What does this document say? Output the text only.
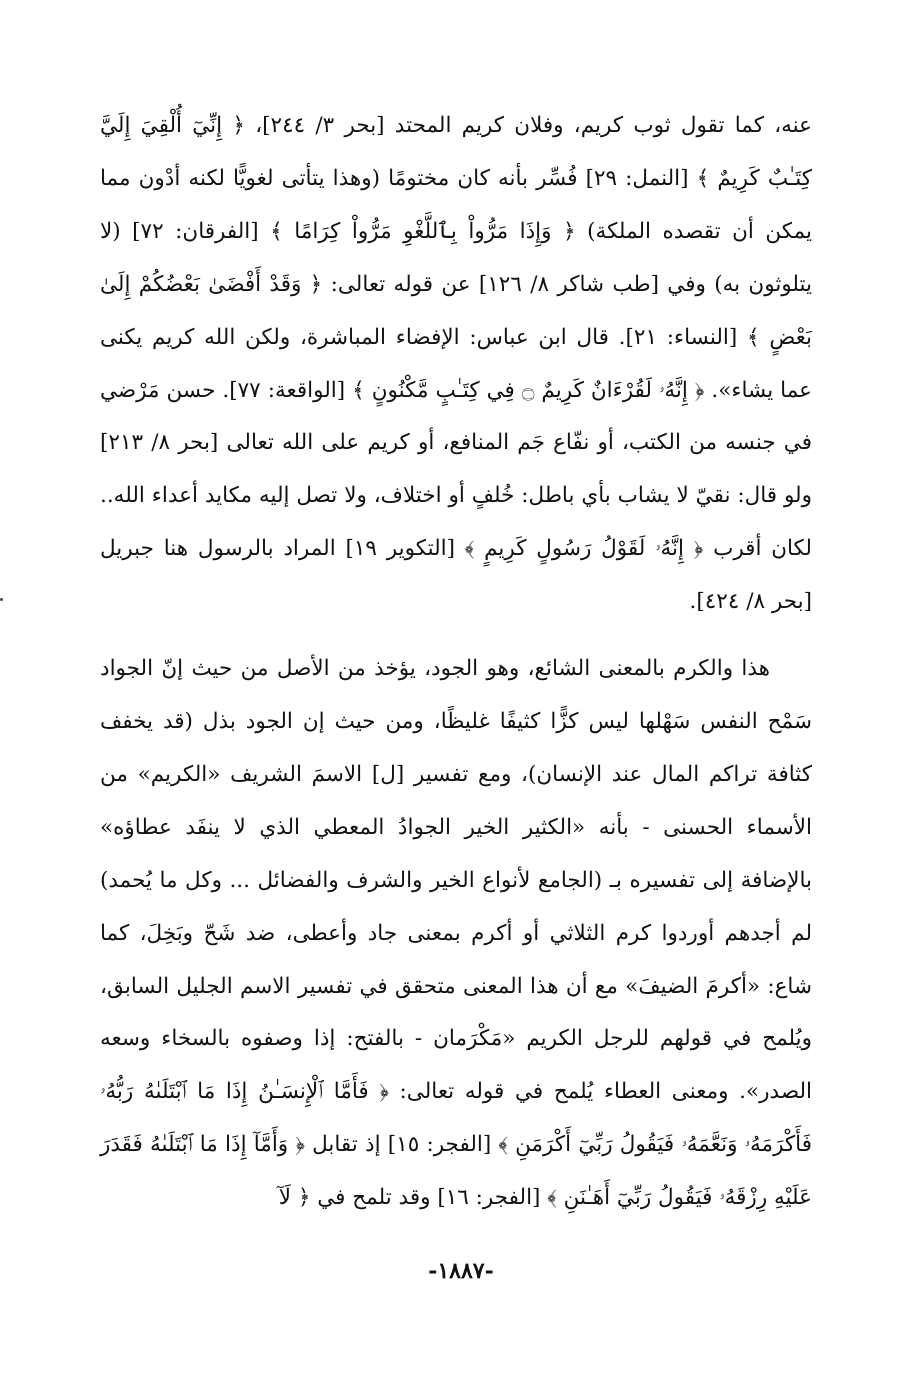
عنه، كما تقول ثوب كريم، وفلان كريم المحتد [بحر ٣/ ٢٤٤]، ﴿ إِنِّيٓ أُلْقِيَ إِلَيَّ كِتَـٰبٌ كَرِيمٌ ﴾ [النمل: ٢٩] فُسِّر بأنه كان مختومًا (وهذا يتأتى لغويًّا لكنه أدْون مما يمكن أن تقصده الملكة) ﴿ وَإِذَا مَرُّواْ بِٱللَّغْوِ مَرُّواْ كِرَامًا ﴾ [الفرقان: ٧٢] (لا يتلوثون به) وفي [طب شاكر ٨/ ١٢٦] عن قوله تعالى: ﴿ وَقَدْ أَفْضَىٰ بَعْضُكُمْ إِلَىٰ بَعْضٍ ﴾ [النساء: ٢١]. قال ابن عباس: الإفضاء المباشرة، ولكن الله كريم يكنى عما يشاء». ﴿ إِنَّهُۥ لَقُرْءَانٌ كَرِيمٌ ۝ فِي كِتَـٰبٍ مَّكْنُونٍ ﴾ [الواقعة: ٧٧]. حسن مَرْضي في جنسه من الكتب، أو نفّاع جَم المنافع، أو كريم على الله تعالى [بحر ٨/ ٢١٣] ولو قال: نقيّ لا يشاب بأي باطل: خُلفٍ أو اختلاف، ولا تصل إليه مكايد أعداء الله.. لكان أقرب ﴿ إِنَّهُۥ لَقَوْلُ رَسُولٍ كَرِيمٍ ﴾ [التكوير ١٩] المراد بالرسول هنا جبريل [بحر ٨/ ٤٢٤].

هذا والكرم بالمعنى الشائع، وهو الجود، يؤخذ من الأصل من حيث إنّ الجواد سَمْح النفس سَهْلها ليس كزًّا كثيفًا غليظًا، ومن حيث إن الجود بذل (قد يخفف كثافة تراكم المال عند الإنسان)، ومع تفسير [ل] الاسمَ الشريف «الكريم» من الأسماء الحسنى - بأنه «الكثير الخير الجوادُ المعطي الذي لا ينفَد عطاؤه» بالإضافة إلى تفسيره بـ (الجامع لأنواع الخير والشرف والفضائل ... وكل ما يُحمد) لم أجدهم أوردوا كرم الثلاثي أو أكرم بمعنى جاد وأعطى، ضد شَحّ وبَخِلَ، كما شاع: «أكرمَ الضيفَ» مع أن هذا المعنى متحقق في تفسير الاسم الجليل السابق، ويُلمح في قولهم للرجل الكريم «مَكْرَمان - بالفتح: إذا وصفوه بالسخاء وسعه الصدر». ومعنى العطاء يُلمح في قوله تعالى: ﴿ فَأَمَّا ٱلْإِنسَـٰنُ إِذَا مَا ٱبْتَلَىٰهُ رَبُّهُۥ فَأَكْرَمَهُۥ وَنَعَّمَهُۥ فَيَقُولُ رَبِّيٓ أَكْرَمَنِ ﴾ [الفجر: ١٥] إذ تقابل ﴿ وَأَمَّآ إِذَا مَا ٱبْتَلَىٰهُ فَقَدَرَ عَلَيْهِ رِزْقَهُۥ فَيَقُولُ رَبِّيٓ أَهَـٰنَنِ ﴾ [الفجر: ١٦] وقد تلمح في ﴿ لَآ

-١٨٨٧-
